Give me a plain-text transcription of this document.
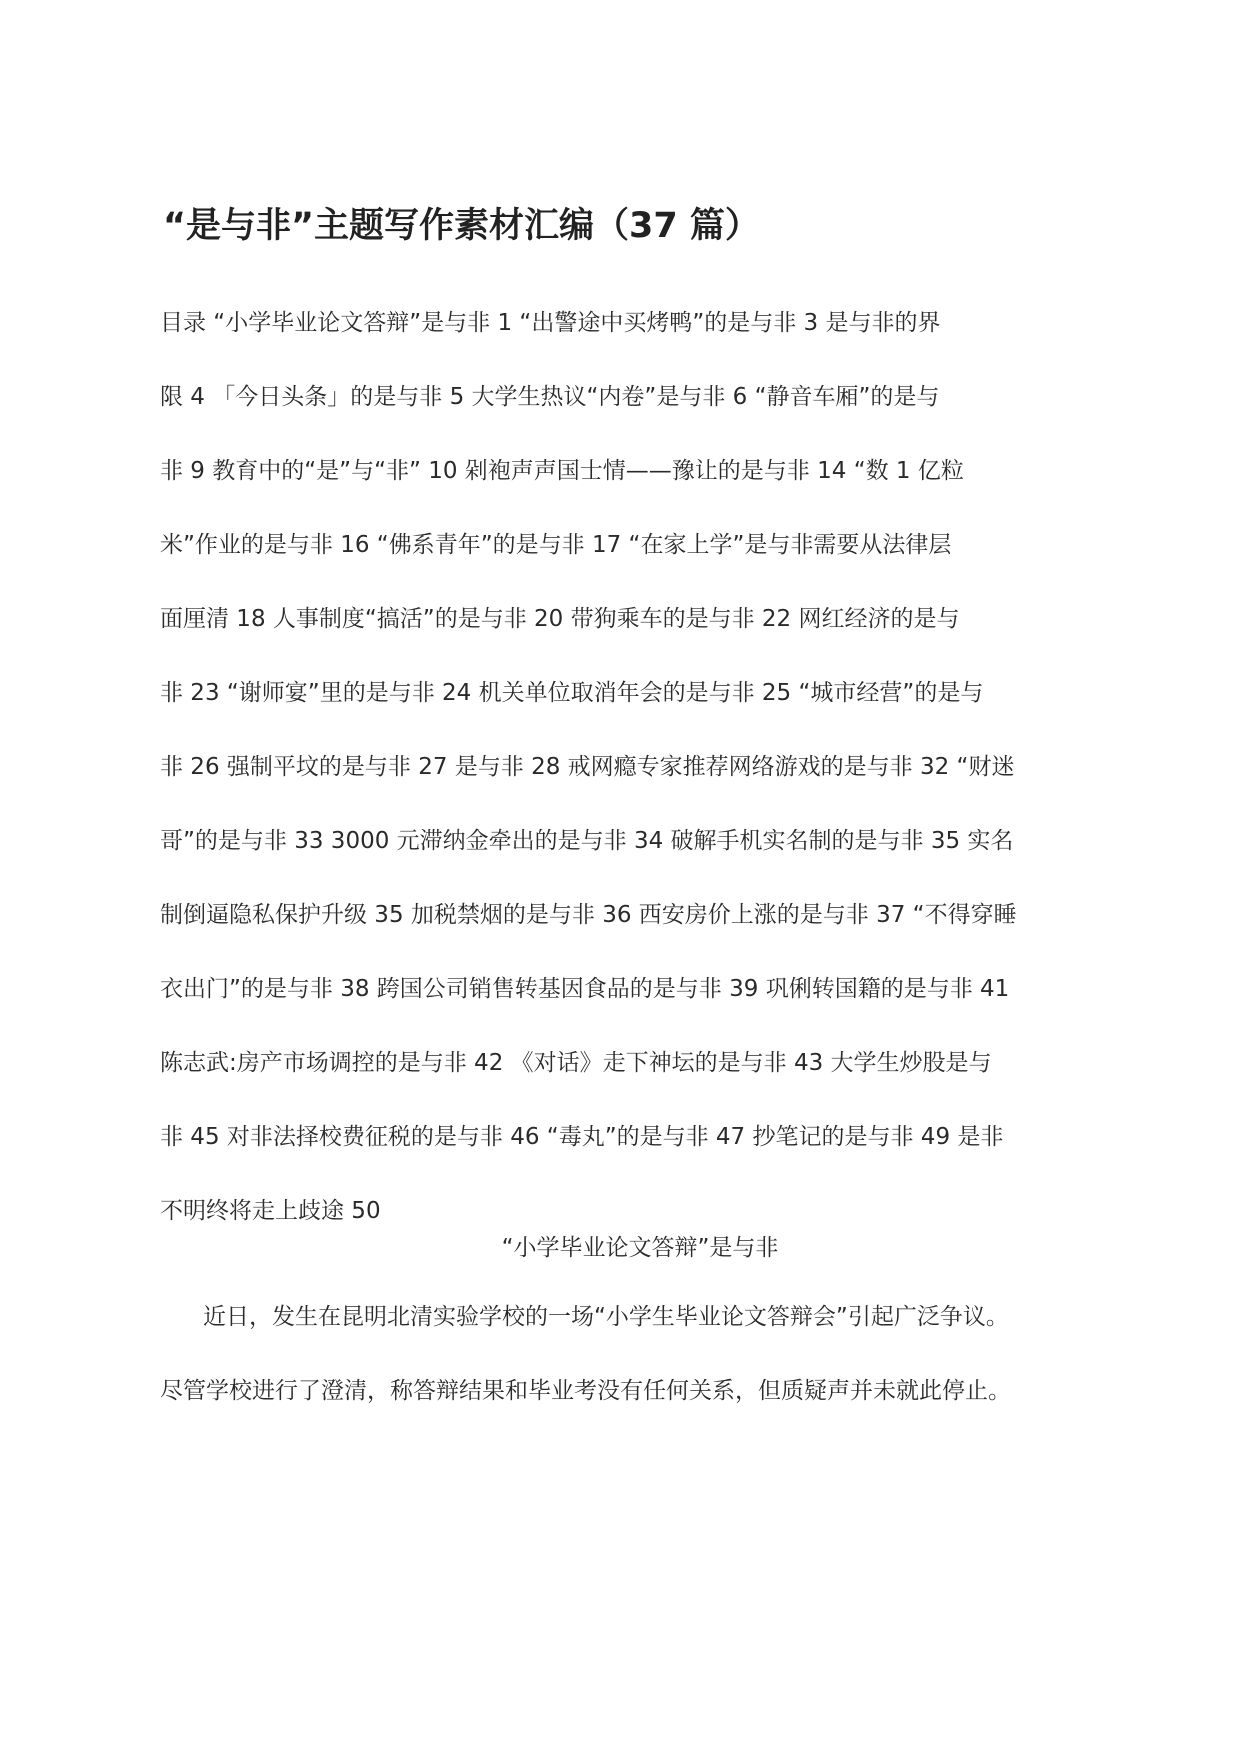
“是与非”主题写作素材汇编（37 篇）
目录 “小学毕业论文答辩”是与非 1 “出警途中买烤鸭”的是与非 3 是与非的界
限 4 「今日头条」的是与非 5 大学生热议“内卷”是与非 6 “静音车厢”的是与
非 9 教育中的“是”与“非” 10 剁袍声声国士情——豫让的是与非 14 “数 1 亿粒
米”作业的是与非 16 “佛系青年”的是与非 17 “在家上学”是与非需要从法律层
面厘清 18 人事制度“搞活”的是与非 20 带狗乘车的是与非 22 网红经济的是与
非 23 “谢师宴”里的是与非 24 机关单位取消年会的是与非 25 “城市经营”的是与
非 26 强制平坟的是与非 27 是与非 28 戒网瘾专家推荐网络游戏的是与非 32 “财迷
哥”的是与非 33 3000 元滞纳金牵出的是与非 34 破解手机实名制的是与非 35 实名
制倒逼隐私保护升级 35 加税禁烟的是与非 36 西安房价上涨的是与非 37 “不得穿睡
衣出门”的是与非 38 跨国公司销售转基因食品的是与非 39 巩俐转国籍的是与非 41
陈志武:房产市场调控的是与非 42 《对话》走下神坛的是与非 43 大学生炒股是与
非 45 对非法择校费征税的是与非 46 “毒丸”的是与非 47 抄笔记的是与非 49 是非
不明终将走上歧途 50
“小学毕业论文答辩”是与非
近日，发生在昆明北清实验学校的一场“小学生毕业论文答辩会”引起广泛争议。
尽管学校进行了澄清，称答辩结果和毕业考没有任何关系，但质疑声并未就此停止。
